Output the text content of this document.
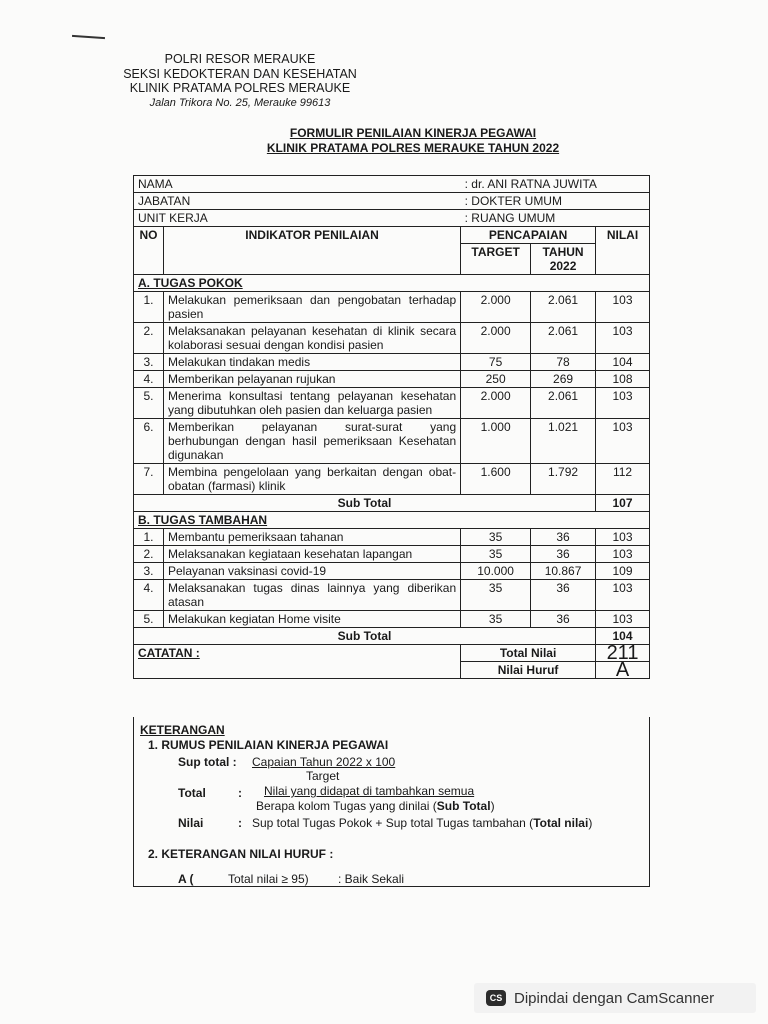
POLRI RESOR MERAUKE
SEKSI KEDOKTERAN DAN KESEHATAN
KLINIK PRATAMA POLRES MERAUKE
Jalan Trikora No. 25, Merauke 99613
FORMULIR PENILAIAN KINERJA PEGAWAI
KLINIK PRATAMA POLRES MERAUKE TAHUN 2022
NAMA		: dr. ANI RATNA JUWITA		
JABATAN		: DOKTER UMUM		
UNIT KERJA		: RUANG UMUM		
NO	INDIKATOR PENILAIAN	PENCAPAIAN		NILAI
		TARGET	TAHUN 2022	
A. TUGAS POKOK				
1.	Melakukan pemeriksaan dan pengobatan terhadap pasien	2.000	2.061	103
2.	Melaksanakan pelayanan kesehatan di klinik secara kolaborasi sesuai dengan kondisi pasien	2.000	2.061	103
3.	Melakukan tindakan medis	75	78	104
4.	Memberikan pelayanan rujukan	250	269	108
5.	Menerima konsultasi tentang pelayanan kesehatan yang dibutuhkan oleh pasien dan keluarga pasien	2.000	2.061	103
6.	Memberikan pelayanan surat-surat yang berhubungan dengan hasil pemeriksaan Kesehatan digunakan	1.000	1.021	103
7.	Membina pengelolaan yang berkaitan dengan obat-obatan (farmasi) klinik	1.600	1.792	112
Sub Total				107
B. TUGAS TAMBAHAN				
1.	Membantu pemeriksaan tahanan	35	36	103
2.	Melaksanakan kegiataan kesehatan lapangan	35	36	103
3.	Pelayanan vaksinasi covid-19	10.000	10.867	109
4.	Melaksanakan tugas dinas lainnya yang diberikan atasan	35	36	103
5.	Melakukan kegiatan Home visite	35	36	103
Sub Total				104
CATATAN :		Total Nilai		211
		Nilai Huruf		A
KETERANGAN
1. RUMUS PENILAIAN KINERJA PEGAWAI
Sup total : Capaian Tahun 2022 x 100
Target
Total	: Nilai yang didapat di tambahkan semua
Berapa kolom Tugas yang dinilai (Sub Total)
Nilai	: Sup total Tugas Pokok + Sup total Tugas tambahan (Total nilai)
2. KETERANGAN NILAI HURUF :
A (	Total nilai ≥ 95) : Baik Sekali
CS Dipindai dengan CamScanner
